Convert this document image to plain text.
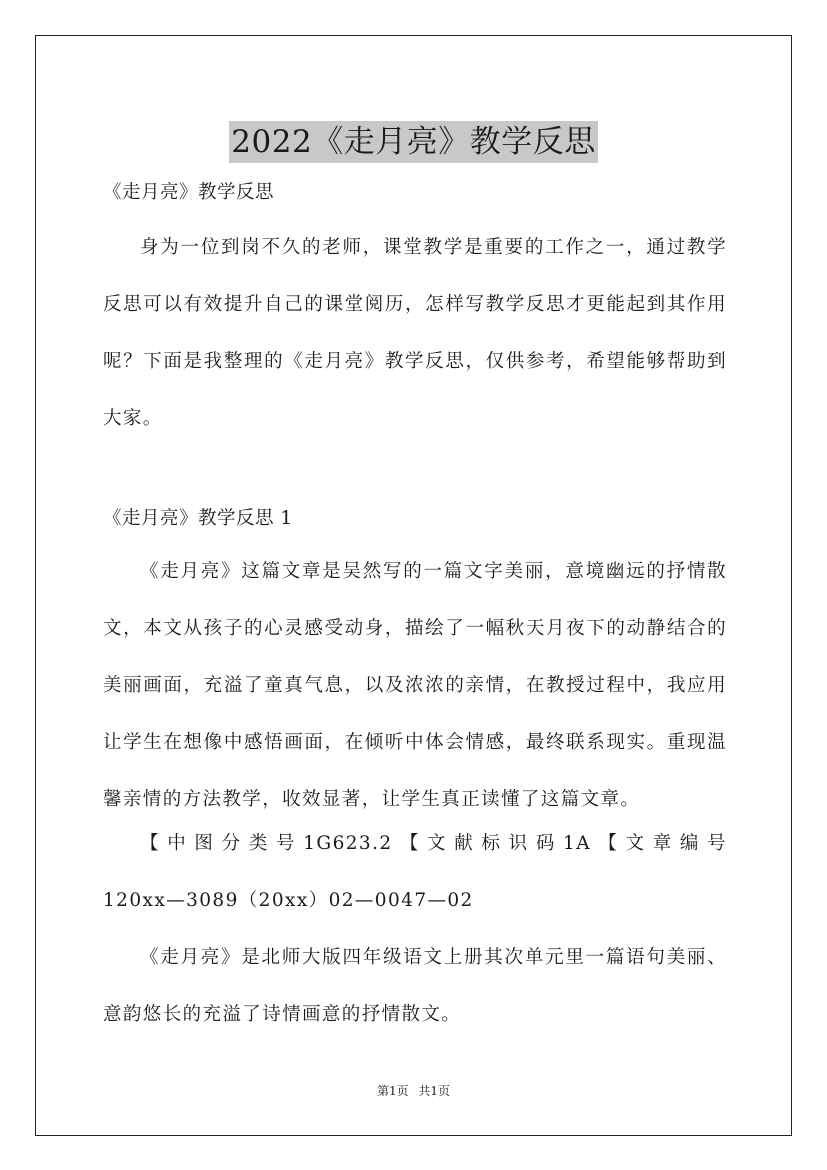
2022《走月亮》教学反思

《走月亮》教学反思

身为一位到岗不久的老师，课堂教学是重要的工作之一，通过教学反思可以有效提升自己的课堂阅历，怎样写教学反思才更能起到其作用呢？下面是我整理的《走月亮》教学反思，仅供参考，希望能够帮助到大家。

《走月亮》教学反思 1

《走月亮》这篇文章是吴然写的一篇文字美丽，意境幽远的抒情散文，本文从孩子的心灵感受动身，描绘了一幅秋天月夜下的动静结合的美丽画面，充溢了童真气息，以及浓浓的亲情，在教授过程中，我应用让学生在想像中感悟画面，在倾听中体会情感，最终联系现实。重现温馨亲情的方法教学，收效显著，让学生真正读懂了这篇文章。

【 中 图 分 类 号 1G623.2 【 文 献 标 识 码 1A 【 文 章 编 号 120xx—3089（20xx）02—0047—02

《走月亮》是北师大版四年级语文上册其次单元里一篇语句美丽、意韵悠长的充溢了诗情画意的抒情散文。

第1页 共1页
